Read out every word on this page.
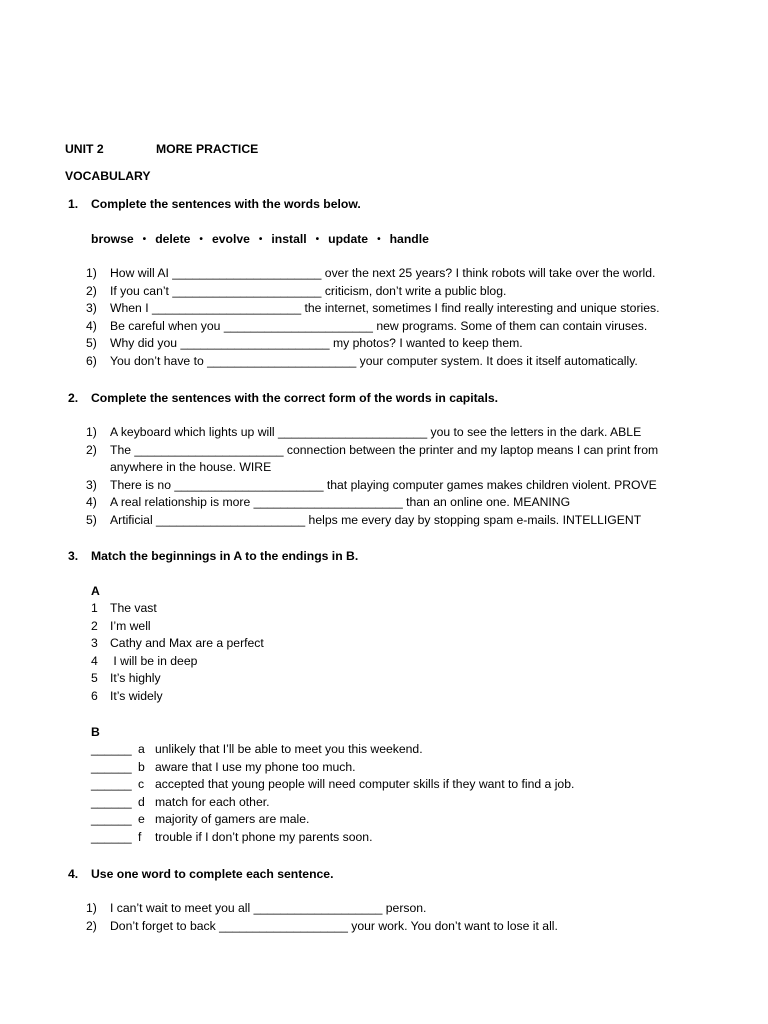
UNIT 2	MORE PRACTICE
VOCABULARY
1. Complete the sentences with the words below.
browse • delete • evolve • install • update • handle
1) How will AI ______________________ over the next 25 years? I think robots will take over the world.
2) If you can’t ______________________ criticism, don’t write a public blog.
3) When I ______________________ the internet, sometimes I find really interesting and unique stories.
4) Be careful when you ______________________ new programs. Some of them can contain viruses.
5) Why did you ______________________ my photos? I wanted to keep them.
6) You don’t have to ______________________ your computer system. It does it itself automatically.
2. Complete the sentences with the correct form of the words in capitals.
1) A keyboard which lights up will ______________________ you to see the letters in the dark. ABLE
2) The ______________________ connection between the printer and my laptop means I can print from
anywhere in the house. WIRE
3) There is no ______________________ that playing computer games makes children violent. PROVE
4) A real relationship is more ______________________ than an online one. MEANING
5) Artificial ______________________ helps me every day by stopping spam e-mails. INTELLIGENT
3. Match the beginnings in A to the endings in B.
A
1 The vast
2 I’m well
3 Cathy and Max are a perfect
4 I will be in deep
5 It’s highly
6 It’s widely
B
______ a unlikely that I’ll be able to meet you this weekend.
______ b aware that I use my phone too much.
______ c accepted that young people will need computer skills if they want to find a job.
______ d match for each other.
______ e majority of gamers are male.
______ f trouble if I don’t phone my parents soon.
4. Use one word to complete each sentence.
1) I can’t wait to meet you all ___________________ person.
2) Don’t forget to back ___________________ your work. You don’t want to lose it all.
